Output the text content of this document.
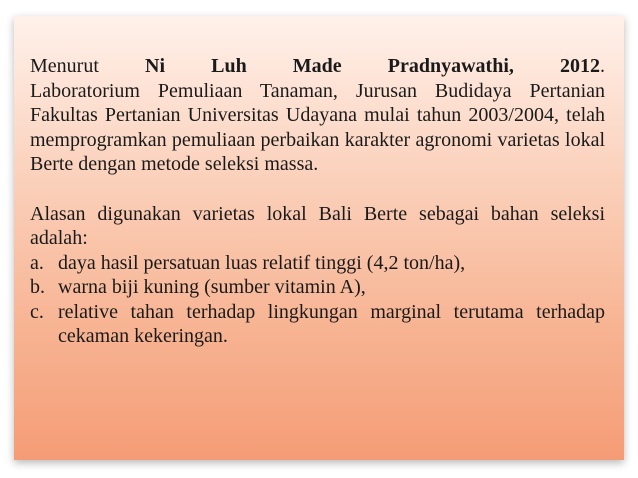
Menurut Ni Luh Made Pradnyawathi, 2012.
Laboratorium Pemuliaan Tanaman, Jurusan Budidaya Pertanian Fakultas Pertanian Universitas Udayana mulai tahun 2003/2004, telah memprogramkan pemuliaan perbaikan karakter agronomi varietas lokal Berte dengan metode seleksi massa.

Alasan digunakan varietas lokal Bali Berte sebagai bahan seleksi adalah:

a. daya hasil persatuan luas relatif tinggi (4,2 ton/ha),
b. warna biji kuning (sumber vitamin A),
c. relative tahan terhadap lingkungan marginal terutama terhadap cekaman kekeringan.
